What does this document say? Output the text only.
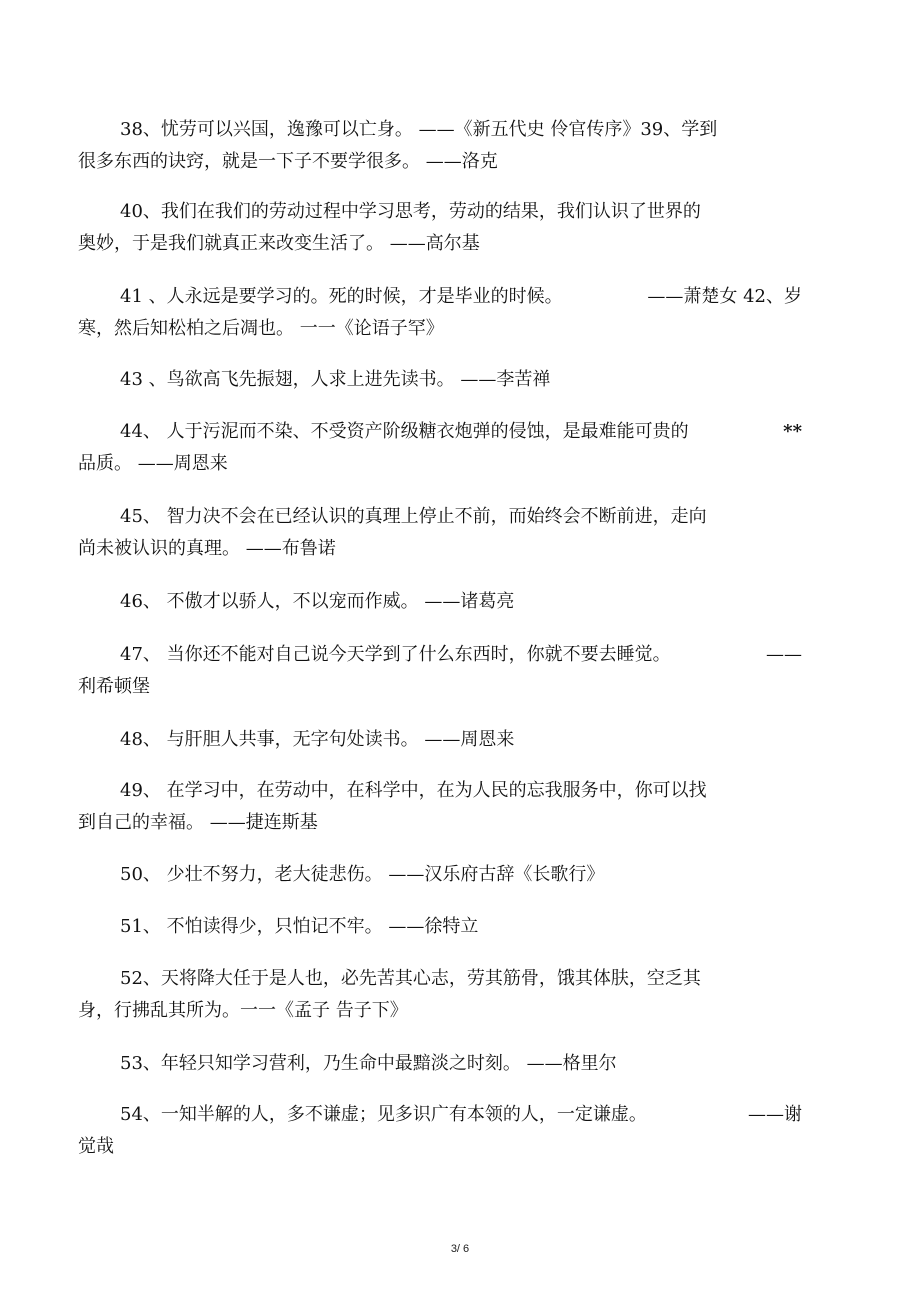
38、忧劳可以兴国，逸豫可以亡身。 ——《新五代史 伶官传序》39、学到
很多东西的诀窍，就是一下子不要学很多。 ——洛克
40、我们在我们的劳动过程中学习思考，劳动的结果，我们认识了世界的
奥妙，于是我们就真正来改变生活了。 ——高尔基
41 、人永远是要学习的。死的时候，才是毕业的时候。	——萧楚女 42、岁
寒，然后知松柏之后凋也。 一一《论语子罕》
43 、鸟欲高飞先振翅，人求上进先读书。 ——李苦禅
44、 人于污泥而不染、不受资产阶级糖衣炮弹的侵蚀，是最难能可贵的	**
品质。 ——周恩来
45、 智力决不会在已经认识的真理上停止不前，而始终会不断前进，走向
尚未被认识的真理。 ——布鲁诺
46、 不傲才以骄人，不以宠而作威。 ——诸葛亮
47、 当你还不能对自己说今天学到了什么东西时，你就不要去睡觉。	——
利希顿堡
48、 与肝胆人共事，无字句处读书。 ——周恩来
49、 在学习中，在劳动中，在科学中，在为人民的忘我服务中，你可以找
到自己的幸福。 ——捷连斯基
50、 少壮不努力，老大徒悲伤。 ——汉乐府古辞《长歌行》
51、 不怕读得少，只怕记不牢。 ——徐特立
52、天将降大任于是人也，必先苦其心志，劳其筋骨，饿其体肤，空乏其
身，行拂乱其所为。一一《孟子 告子下》
53、年轻只知学习营利，乃生命中最黯淡之时刻。 ——格里尔
54、一知半解的人，多不谦虚；见多识广有本领的人，一定谦虚。	——谢
觉哉
3/ 6
